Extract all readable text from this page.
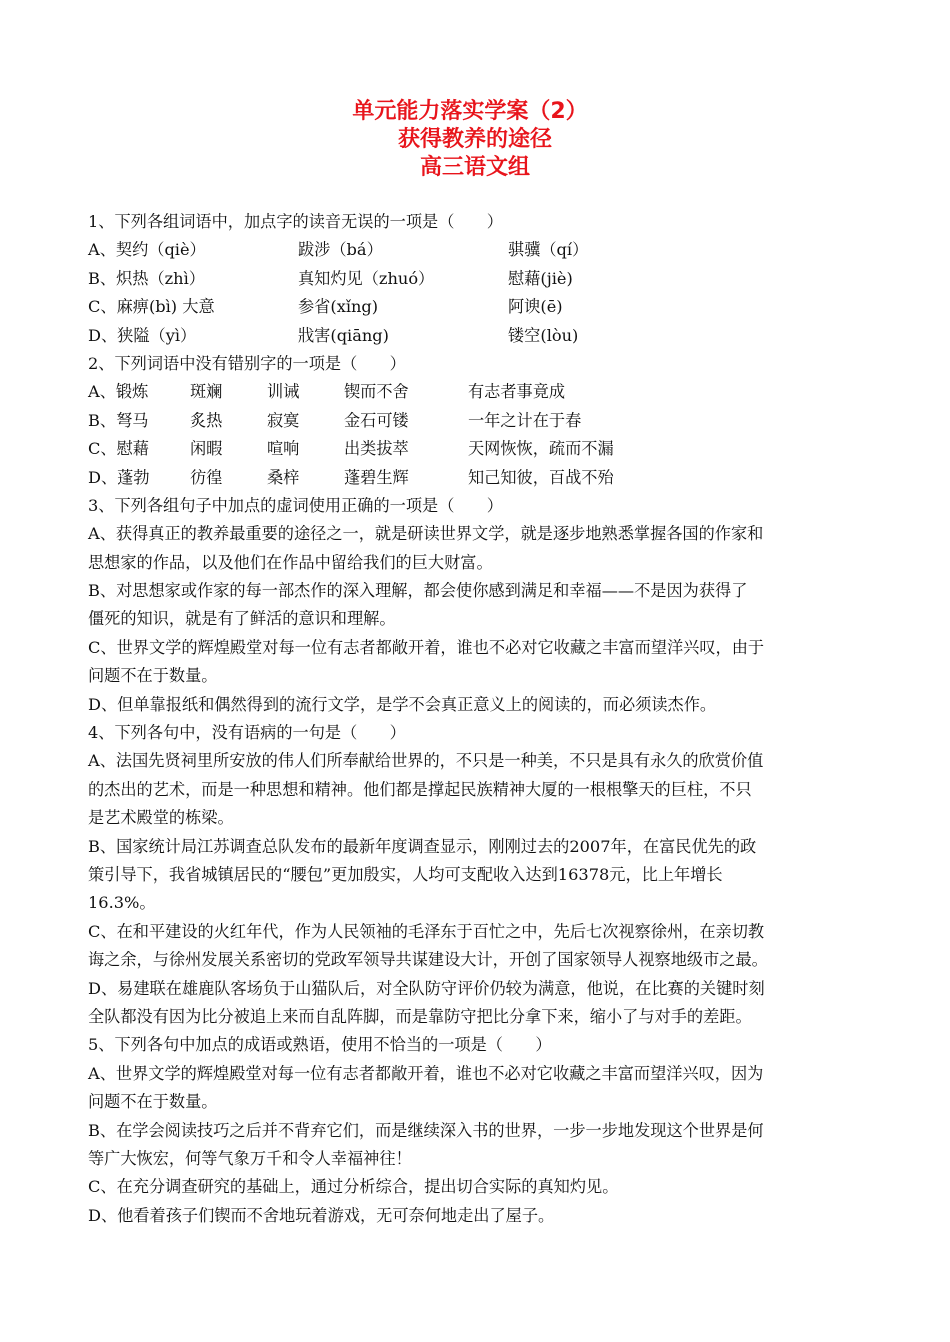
单元能力落实学案（2）
获得教养的途径
高三语文组
1、下列各组词语中，加点字的读音无误的一项是（　　）
A、契约（qiè）	跋涉（bá）	骐骥（qí）
B、炽热（zhì）	真知灼见（zhuó）	慰藉(jiè)
C、麻痹(bì) 大意	参省(xǐng)	阿谀(ē)
D、狭隘（yì）	戕害(qiāng)	镂空(lòu)
2、下列词语中没有错别字的一项是（　　）
A、锻炼	斑斓	训诫	锲而不舍	有志者事竟成
B、弩马	炙热	寂寞	金石可镂	一年之计在于春
C、慰藉	闲暇	喧响	出类拔萃	天网恢恢，疏而不漏
D、蓬勃	彷徨	桑梓	蓬碧生辉	知己知彼，百战不殆
3、下列各组句子中加点的虚词使用正确的一项是（　　）
A、获得真正的教养最重要的途径之一，就是研读世界文学，就是逐步地熟悉掌握各国的作家和
思想家的作品，以及他们在作品中留给我们的巨大财富。
B、对思想家或作家的每一部杰作的深入理解，都会使你感到满足和幸福——不是因为获得了
僵死的知识，就是有了鲜活的意识和理解。
C、世界文学的辉煌殿堂对每一位有志者都敞开着，谁也不必对它收藏之丰富而望洋兴叹，由于
问题不在于数量。
D、但单靠报纸和偶然得到的流行文学，是学不会真正意义上的阅读的，而必须读杰作。
4、下列各句中，没有语病的一句是（　　）
A、法国先贤祠里所安放的伟人们所奉献给世界的，不只是一种美，不只是具有永久的欣赏价值
的杰出的艺术，而是一种思想和精神。他们都是撑起民族精神大厦的一根根擎天的巨柱，不只
是艺术殿堂的栋梁。
B、国家统计局江苏调查总队发布的最新年度调查显示，刚刚过去的2007年，在富民优先的政
策引导下，我省城镇居民的“腰包”更加殷实，人均可支配收入达到16378元，比上年增长
16.3%。
C、在和平建设的火红年代，作为人民领袖的毛泽东于百忙之中，先后七次视察徐州，在亲切教
诲之余，与徐州发展关系密切的党政军领导共谋建设大计，开创了国家领导人视察地级市之最。
D、易建联在雄鹿队客场负于山猫队后，对全队防守评价仍较为满意，他说，在比赛的关键时刻
全队都没有因为比分被追上来而自乱阵脚，而是靠防守把比分拿下来，缩小了与对手的差距。
5、下列各句中加点的成语或熟语，使用不恰当的一项是（　　）
A、世界文学的辉煌殿堂对每一位有志者都敞开着，谁也不必对它收藏之丰富而望洋兴叹，因为
问题不在于数量。
B、在学会阅读技巧之后并不背弃它们，而是继续深入书的世界，一步一步地发现这个世界是何
等广大恢宏，何等气象万千和令人幸福神往！
C、在充分调查研究的基础上，通过分析综合，提出切合实际的真知灼见。
D、他看着孩子们锲而不舍地玩着游戏，无可奈何地走出了屋子。
